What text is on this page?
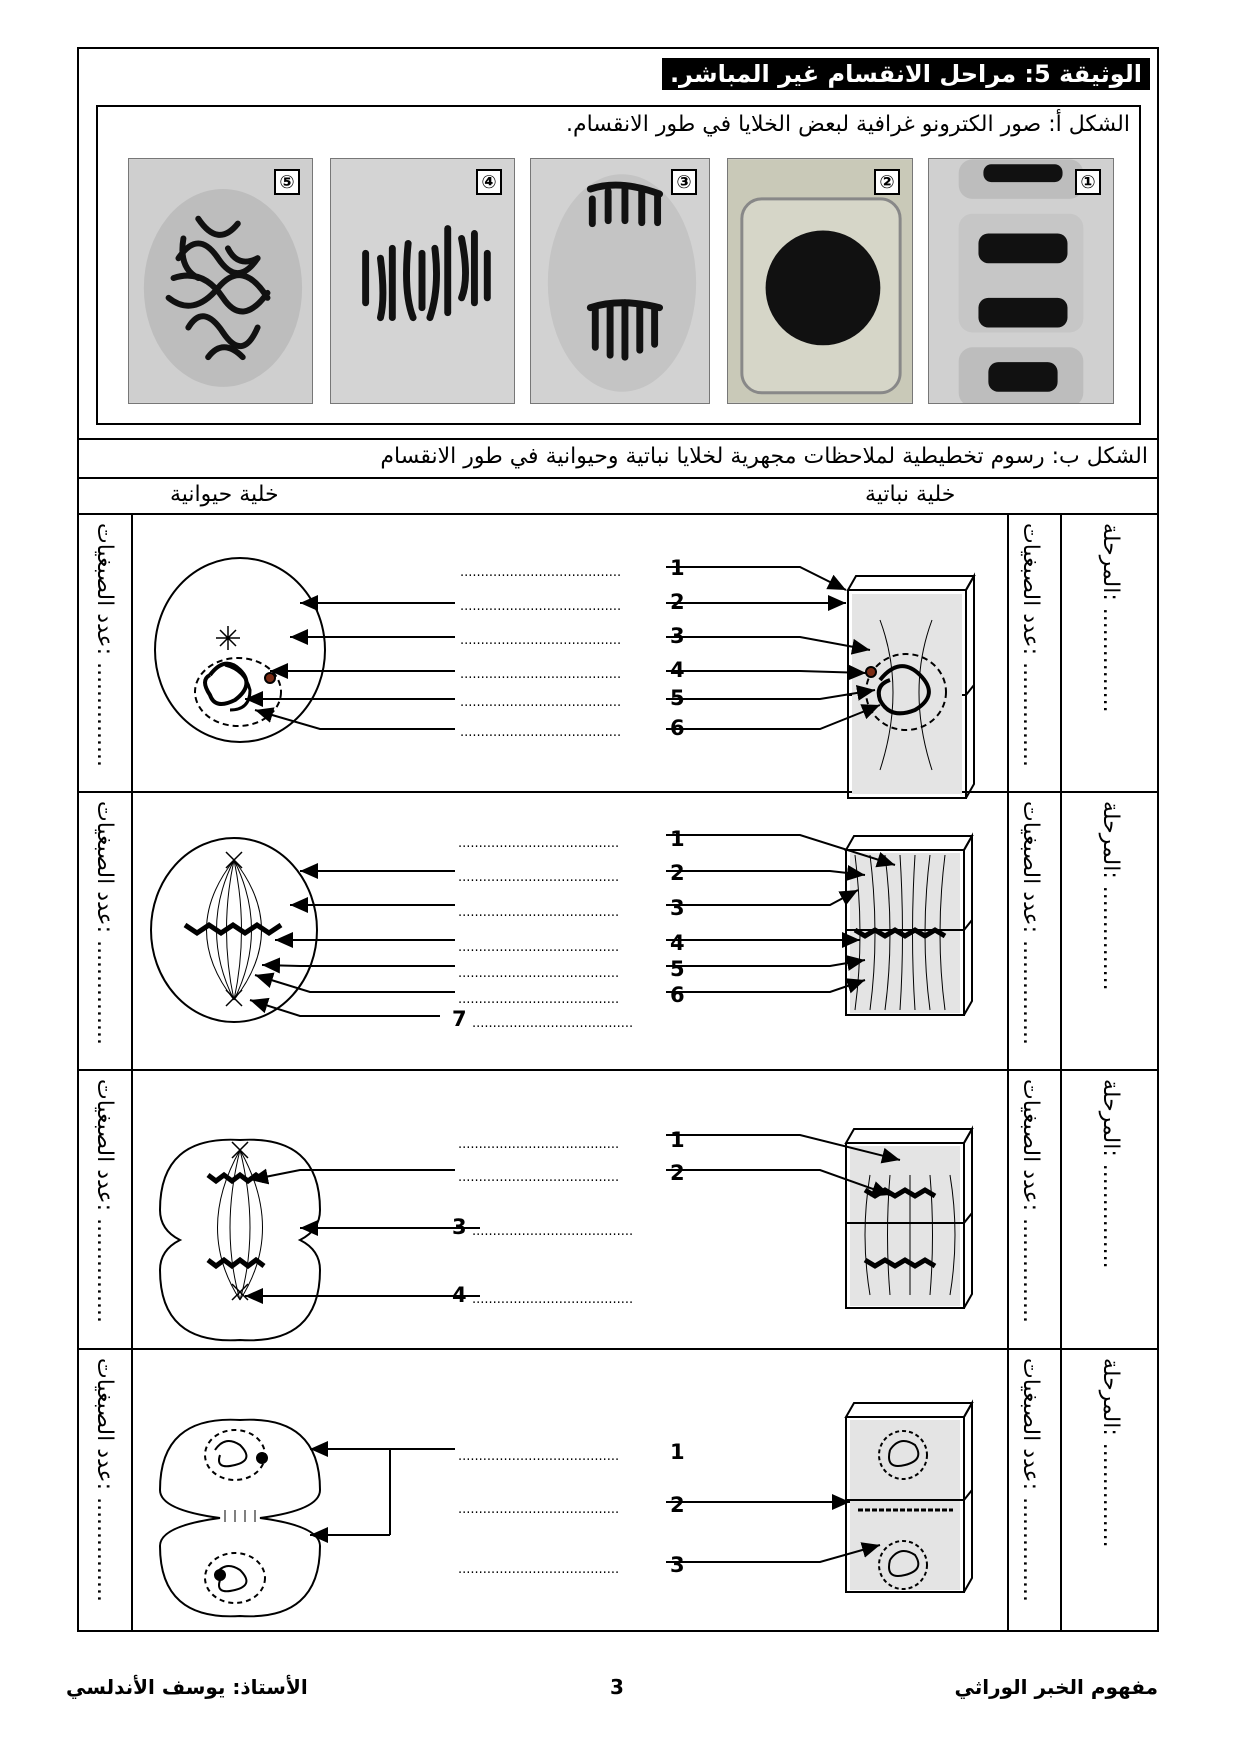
الوثيقة 5: مراحل الانقسام غير المباشر.
الشكل أ: صور الكترونو غرافية لبعض الخلايا في طور الانقسام.
⑤	④	③	②	①
الشكل ب: رسوم تخطيطية لملاحظات مجهرية لخلايا نباتية وحيوانية في طور الانقسام
خلية حيوانية	خلية نباتية
عدد الصبغيات: ...............
عدد الصبغيات: ...............
المرحلة: ...............
عدد الصبغيات: ...............
عدد الصبغيات: ...............
المرحلة: ...............
عدد الصبغيات: ...............
عدد الصبغيات: ...............
المرحلة: ...............
عدد الصبغيات: ...............
عدد الصبغيات: ...............
المرحلة: ...............
....................................... 1
....................................... 2
....................................... 3
....................................... 4
....................................... 5
....................................... 6
....................................... 1
....................................... 2
....................................... 3
....................................... 4
....................................... 5
....................................... 6
7 .......................................
....................................... 1
....................................... 2
3 .......................................
4 .......................................
....................................... 1
....................................... 2
....................................... 3
الأستاذ: يوسف الأندلسي	3	مفهوم الخبر الوراثي
